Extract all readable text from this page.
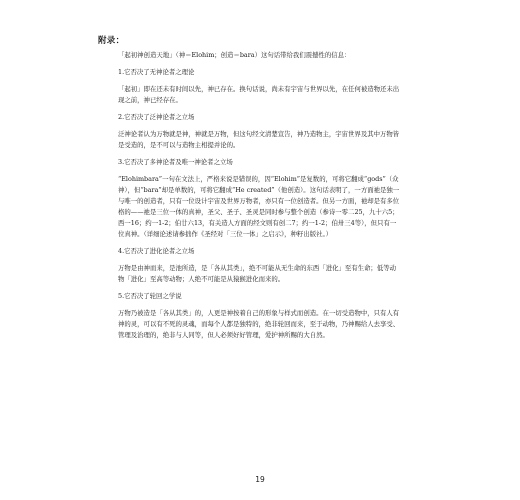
附录：

「起初神创造天地」（神＝Elohim；创造＝bara）这句话带给我们震撼性的信息：

1.它否决了无神论者之理论

「起初」即在还未有时间以先，神已存在。换句话说，尚未有宇宙与世界以先，在任何被造物还未出现之前，神已经存在。

2.它否决了泛神论者之立场

泛神论者认为万物就是神，神就是万物，但这句经文清楚宣告，神乃造物主，宇宙世界及其中万物皆是受造的，是不可以与造物主相提并论的。

3.它否决了多神论者及唯一神论者之立场

“Elohimbara”一句在文法上，严格来说是错误的，因“Elohim”是复数的，可将它翻成“gods”（众神），但“bara”却是单数的，可将它翻成“He created”（他创造）。这句话表明了，一方面祂是独一与唯一的创造者，只有一位设计宇宙及世界万物者，亦只有一位创造者。但另一方面，祂却是有多位格的——祂是三位一体的真神，圣父、圣子、圣灵是同时参与整个创造（参诗一零二25，九十六5；西一16；约一1-2；伯廿六13，有关造人方面的经文则有创二7；约一1-2；伯卅三4等），但只有一位真神。（详细论述请参拙作《圣经对「三位一体」之启示》，种籽出版社。）

4.它否决了进化论者之立场

万物是由神而来，是池所造，是「各从其类」，绝不可能从无生命的东西「进化」至有生命；低等动物「进化」至高等动物；人绝不可能是从猿猴进化而来的。

5.它否决了轮回之学说

万物乃被造是「各从其类」的，人更是神按着自己的形象与样式而创造。在一切受造物中，只有人有神的灵，可以有不死的灵魂，而每个人都是独特的，绝非轮回而来，至于动物，乃神赐给人去享受、管理及治理的，绝非与人同等，但人必须好好管理，爱护神所赐的大自然。

19
